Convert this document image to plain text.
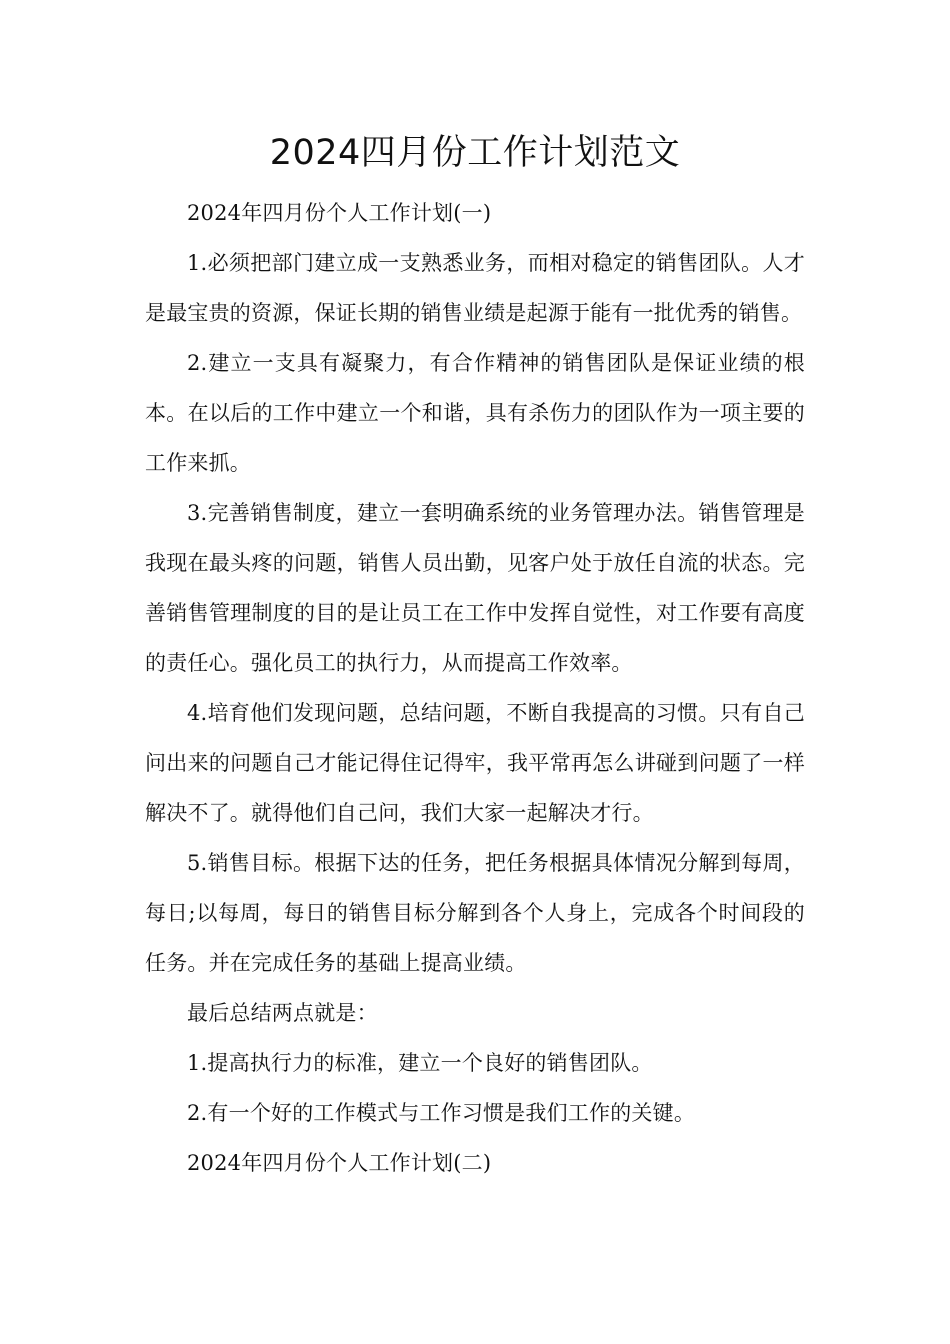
2024四月份工作计划范文

2024年四月份个人工作计划(一)

1.必须把部门建立成一支熟悉业务，而相对稳定的销售团队。人才是最宝贵的资源，保证长期的销售业绩是起源于能有一批优秀的销售。

2.建立一支具有凝聚力，有合作精神的销售团队是保证业绩的根本。在以后的工作中建立一个和谐，具有杀伤力的团队作为一项主要的工作来抓。

3.完善销售制度，建立一套明确系统的业务管理办法。销售管理是我现在最头疼的问题，销售人员出勤，见客户处于放任自流的状态。完善销售管理制度的目的是让员工在工作中发挥自觉性，对工作要有高度的责任心。强化员工的执行力，从而提高工作效率。

4.培育他们发现问题，总结问题，不断自我提高的习惯。只有自己问出来的问题自己才能记得住记得牢，我平常再怎么讲碰到问题了一样解决不了。就得他们自己问，我们大家一起解决才行。

5.销售目标。根据下达的任务，把任务根据具体情况分解到每周，每日;以每周，每日的销售目标分解到各个人身上，完成各个时间段的任务。并在完成任务的基础上提高业绩。

最后总结两点就是：

1.提高执行力的标准，建立一个良好的销售团队。

2.有一个好的工作模式与工作习惯是我们工作的关键。

2024年四月份个人工作计划(二)
